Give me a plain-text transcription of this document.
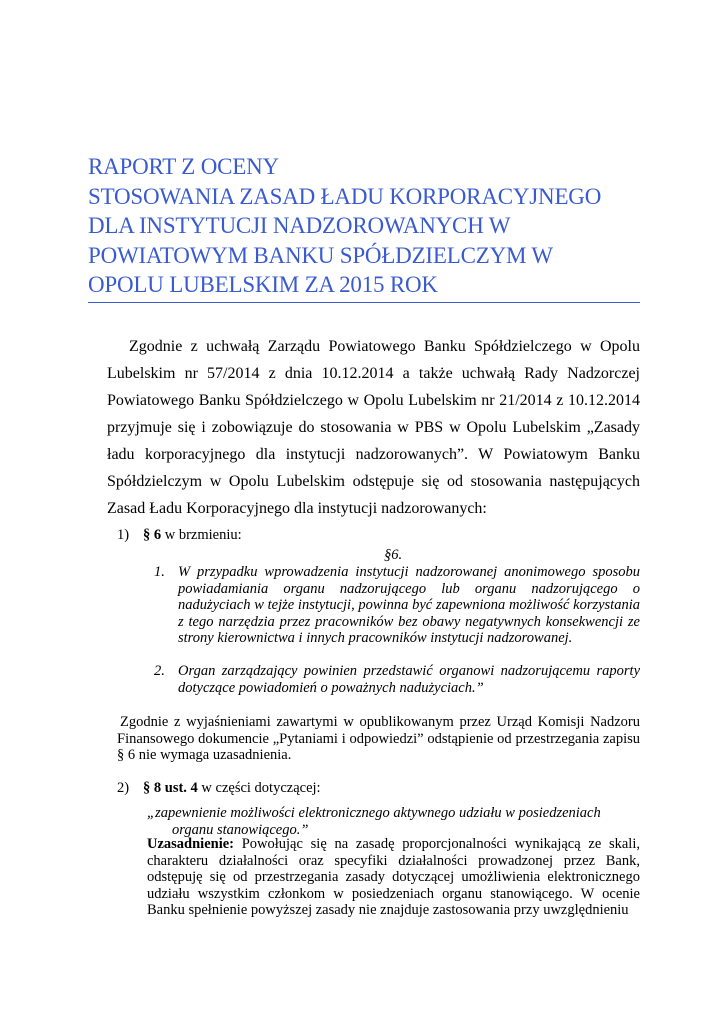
RAPORT Z OCENY
STOSOWANIA ZASAD ŁADU KORPORACYJNEGO
DLA INSTYTUCJI NADZOROWANYCH W
POWIATOWYM BANKU SPÓŁDZIELCZYM W
OPOLU LUBELSKIM ZA 2015 ROK

Zgodnie z uchwałą Zarządu Powiatowego Banku Spółdzielczego w Opolu Lubelskim nr 57/2014 z dnia 10.12.2014 a także uchwałą Rady Nadzorczej Powiatowego Banku Spółdzielczego w Opolu Lubelskim nr 21/2014 z 10.12.2014 przyjmuje się i zobowiązuje do stosowania w PBS w Opolu Lubelskim „Zasady ładu korporacyjnego dla instytucji nadzorowanych”. W Powiatowym Banku Spółdzielczym w Opolu Lubelskim odstępuje się od stosowania następujących Zasad Ładu Korporacyjnego dla instytucji nadzorowanych:

1) § 6 w brzmieniu:

§6.

1. W przypadku wprowadzenia instytucji nadzorowanej anonimowego sposobu powiadamiania organu nadzorującego lub organu nadzorującego o nadużyciach w tejże instytucji, powinna być zapewniona możliwość korzystania z tego narzędzia przez pracowników bez obawy negatywnych konsekwencji ze strony kierownictwa i innych pracowników instytucji nadzorowanej.
2. Organ zarządzający powinien przedstawić organowi nadzorującemu raporty dotyczące powiadomień o poważnych nadużyciach.”

Zgodnie z wyjaśnieniami zawartymi w opublikowanym przez Urząd Komisji Nadzoru Finansowego dokumencie „Pytaniami i odpowiedzi” odstąpienie od przestrzegania zapisu § 6 nie wymaga uzasadnienia.

2) § 8 ust. 4 w części dotyczącej:

„zapewnienie możliwości elektronicznego aktywnego udziału w posiedzeniach
organu stanowiącego.”

Uzasadnienie: Powołując się na zasadę proporcjonalności wynikającą ze skali, charakteru działalności oraz specyfiki działalności prowadzonej przez Bank, odstępuję się od przestrzegania zasady dotyczącej umożliwienia elektronicznego udziału wszystkim członkom w posiedzeniach organu stanowiącego. W ocenie Banku spełnienie powyższej zasady nie znajduje zastosowania przy uwzględnieniu
